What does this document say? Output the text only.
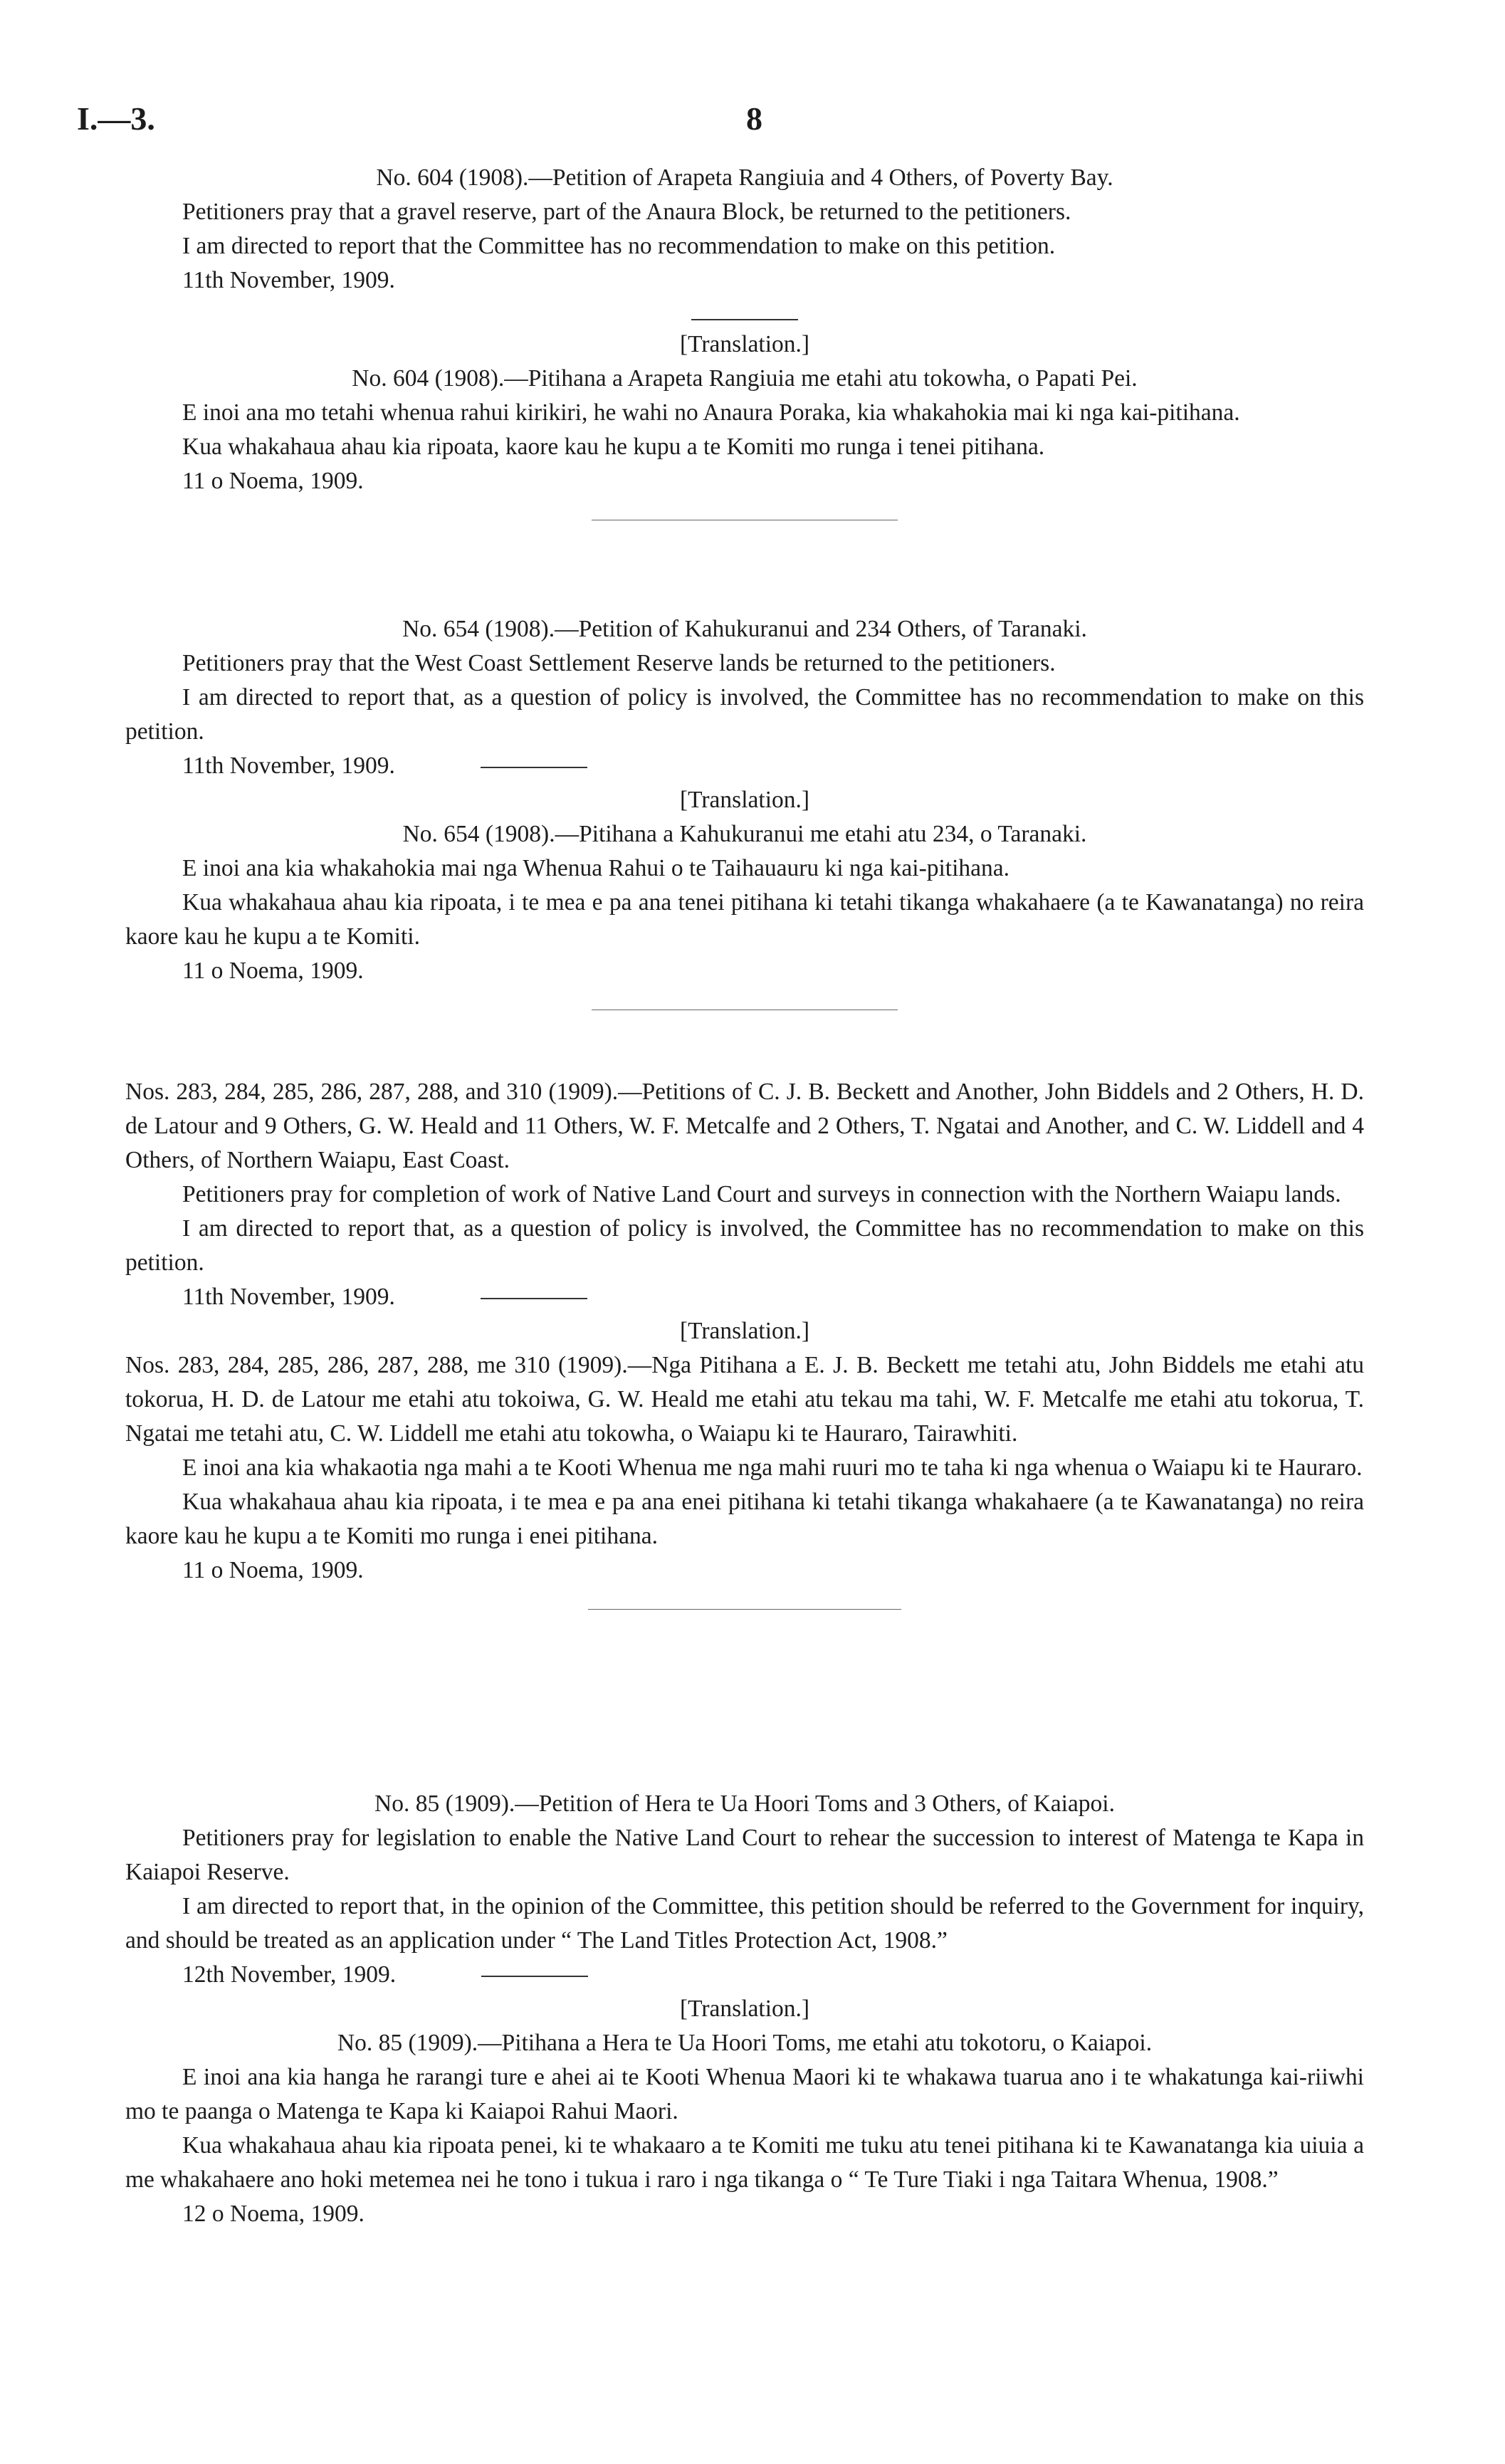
I.—3.	8

No. 604 (1908).—Petition of Arapeta Rangiuia and 4 Others, of Poverty Bay.

Petitioners pray that a gravel reserve, part of the Anaura Block, be returned to the petitioners.

I am directed to report that the Committee has no recommendation to make on this petition.

11th November, 1909.

[Translation.]

No. 604 (1908).—Pitihana a Arapeta Rangiuia me etahi atu tokowha, o Papati Pei.

E inoi ana mo tetahi whenua rahui kirikiri, he wahi no Anaura Poraka, kia whakahokia mai ki nga kai-pitihana.

Kua whakahaua ahau kia ripoata, kaore kau he kupu a te Komiti mo runga i tenei pitihana.

11 o Noema, 1909.

No. 654 (1908).—Petition of Kahukuranui and 234 Others, of Taranaki.

Petitioners pray that the West Coast Settlement Reserve lands be returned to the petitioners.

I am directed to report that, as a question of policy is involved, the Committee has no recommendation to make on this petition.

11th November, 1909.

[Translation.]

No. 654 (1908).—Pitihana a Kahukuranui me etahi atu 234, o Taranaki.

E inoi ana kia whakahokia mai nga Whenua Rahui o te Taihauauru ki nga kai-pitihana.

Kua whakahaua ahau kia ripoata, i te mea e pa ana tenei pitihana ki tetahi tikanga whakahaere (a te Kawanatanga) no reira kaore kau he kupu a te Komiti.

11 o Noema, 1909.

Nos. 283, 284, 285, 286, 287, 288, and 310 (1909).—Petitions of C. J. B. Beckett and Another, John Biddels and 2 Others, H. D. de Latour and 9 Others, G. W. Heald and 11 Others, W. F. Metcalfe and 2 Others, T. Ngatai and Another, and C. W. Liddell and 4 Others, of Northern Waiapu, East Coast.

Petitioners pray for completion of work of Native Land Court and surveys in connection with the Northern Waiapu lands.

I am directed to report that, as a question of policy is involved, the Committee has no recommendation to make on this petition.

11th November, 1909.

[Translation.]

Nos. 283, 284, 285, 286, 287, 288, me 310 (1909).—Nga Pitihana a E. J. B. Beckett me tetahi atu, John Biddels me etahi atu tokorua, H. D. de Latour me etahi atu tokoiwa, G. W. Heald me etahi atu tekau ma tahi, W. F. Metcalfe me etahi atu tokorua, T. Ngatai me tetahi atu, C. W. Liddell me etahi atu tokowha, o Waiapu ki te Hauraro, Tairawhiti.

E inoi ana kia whakaotia nga mahi a te Kooti Whenua me nga mahi ruuri mo te taha ki nga whenua o Waiapu ki te Hauraro.

Kua whakahaua ahau kia ripoata, i te mea e pa ana enei pitihana ki tetahi tikanga whakahaere (a te Kawanatanga) no reira kaore kau he kupu a te Komiti mo runga i enei pitihana.

11 o Noema, 1909.

No. 85 (1909).—Petition of Hera te Ua Hoori Toms and 3 Others, of Kaiapoi.

Petitioners pray for legislation to enable the Native Land Court to rehear the succession to interest of Matenga te Kapa in Kaiapoi Reserve.

I am directed to report that, in the opinion of the Committee, this petition should be referred to the Government for inquiry, and should be treated as an application under “ The Land Titles Protection Act, 1908.”

12th November, 1909.

[Translation.]

No. 85 (1909).—Pitihana a Hera te Ua Hoori Toms, me etahi atu tokotoru, o Kaiapoi.

E inoi ana kia hanga he rarangi ture e ahei ai te Kooti Whenua Maori ki te whakawa tuarua ano i te whakatunga kai-riiwhi mo te paanga o Matenga te Kapa ki Kaiapoi Rahui Maori.

Kua whakahaua ahau kia ripoata penei, ki te whakaaro a te Komiti me tuku atu tenei pitihana ki te Kawanatanga kia uiuia a me whakahaere ano hoki metemea nei he tono i tukua i raro i nga tikanga o “ Te Ture Tiaki i nga Taitara Whenua, 1908.”

12 o Noema, 1909.
